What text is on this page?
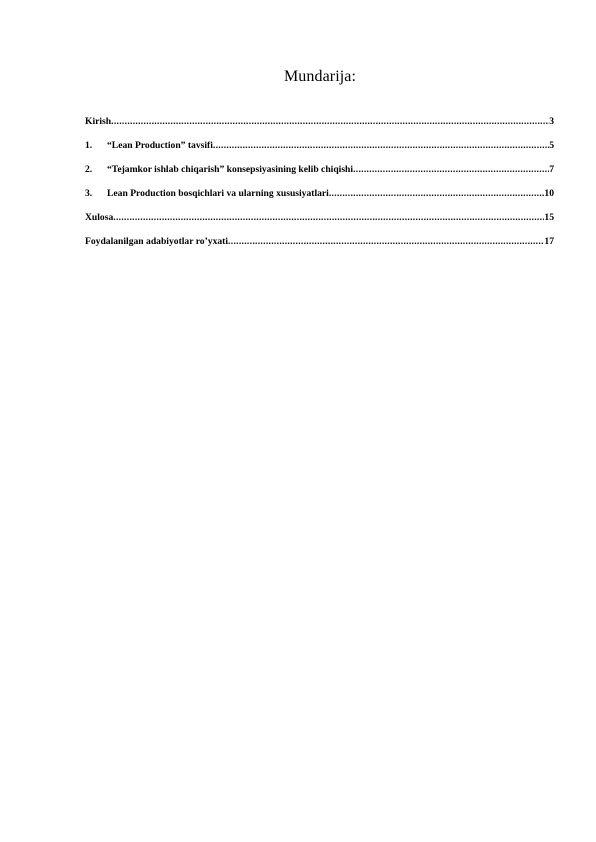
Mundarija:
Kirish .....	3
1.	“Lean Production” tavsifi .....	5
2.	“Tejamkor ishlab chiqarish” konsepsiyasining kelib chiqishi .....	7
3.	Lean Production bosqichlari va ularning xususiyatlari .....	10
Xulosa .....	15
Foydalanilgan adabiyotlar ro’yxati .....	17
